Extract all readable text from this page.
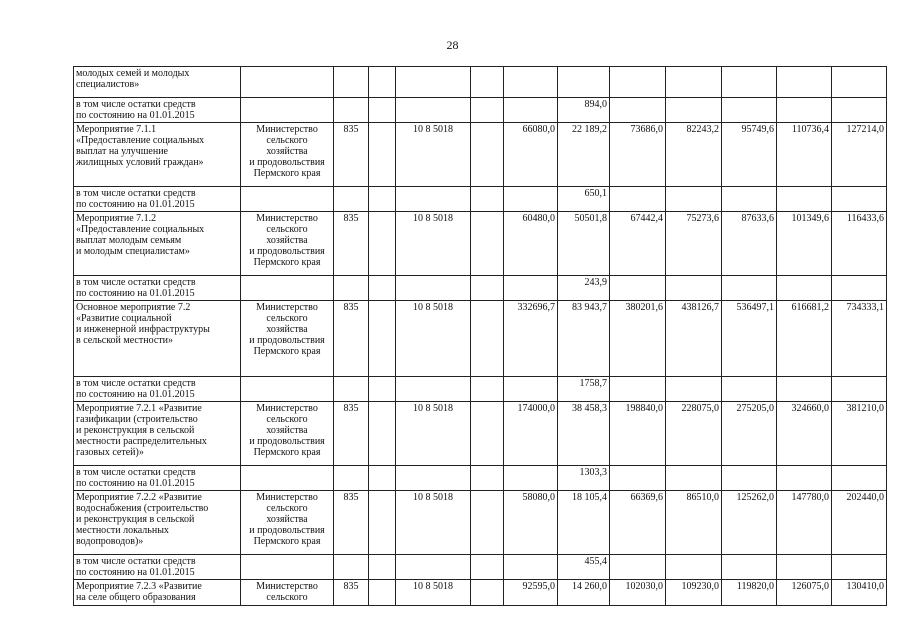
28
молодых семей и молодых
специалистов»												

в том числе остатки средств
по состоянию на 01.01.2015							894,0					

Мероприятие 7.1.1
«Предоставление социальных
выплат на улучшение
жилищных условий граждан»	Министерство
сельского
хозяйства
и продовольствия
Пермского края	835		10 8 5018		66080,0	22 189,2	73686,0	82243,2	95749,6	110736,4	127214,0

в том числе остатки средств
по состоянию на 01.01.2015							650,1					

Мероприятие 7.1.2
«Предоставление социальных
выплат молодым семьям
и молодым специалистам»	Министерство
сельского
хозяйства
и продовольствия
Пермского края	835		10 8 5018		60480,0	50501,8	67442,4	75273,6	87633,6	101349,6	116433,6

в том числе остатки средств
по состоянию на 01.01.2015							243,9					

Основное мероприятие 7.2
«Развитие социальной
и инженерной инфраструктуры
в сельской местности»	Министерство
сельского
хозяйства
и продовольствия
Пермского края	835		10 8 5018		332696,7	83 943,7	380201,6	438126,7	536497,1	616681,2	734333,1

в том числе остатки средств
по состоянию на 01.01.2015							1758,7					

Мероприятие 7.2.1 «Развитие
газификации (строительство
и реконструкция в сельской
местности распределительных
газовых сетей)»	Министерство
сельского
хозяйства
и продовольствия
Пермского края	835		10 8 5018		174000,0	38 458,3	198840,0	228075,0	275205,0	324660,0	381210,0

в том числе остатки средств
по состоянию на 01.01.2015							1303,3					

Мероприятие 7.2.2 «Развитие
водоснабжения (строительство
и реконструкция в сельской
местности локальных
водопроводов)»	Министерство
сельского
хозяйства
и продовольствия
Пермского края	835		10 8 5018		58080,0	18 105,4	66369,6	86510,0	125262,0	147780,0	202440,0

в том числе остатки средств
по состоянию на 01.01.2015							455,4					

Мероприятие 7.2.3 «Развитие
на селе общего образования	Министерство
сельского	835		10 8 5018		92595,0	14 260,0	102030,0	109230,0	119820,0	126075,0	130410,0
